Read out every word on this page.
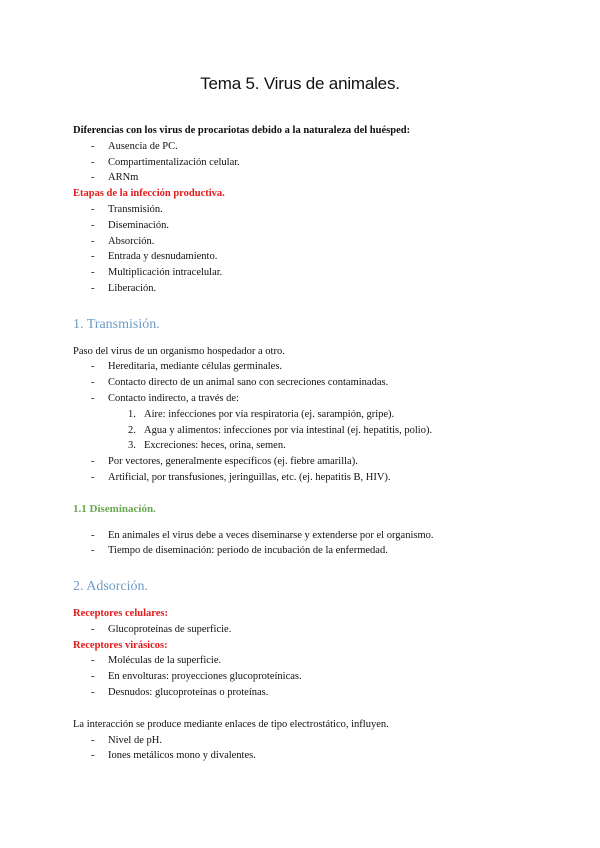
Tema 5. Virus de animales.
Diferencias con los virus de procariotas debido a la naturaleza del huésped:
- Ausencia de PC.
- Compartimentalización celular.
- ARNm
Etapas de la infección productiva.
- Transmisión.
- Diseminación.
- Absorción.
- Entrada y desnudamiento.
- Multiplicación intracelular.
- Liberación.
1. Transmisión.
Paso del virus de un organismo hospedador a otro.
- Hereditaria, mediante células germinales.
- Contacto directo de un animal sano con secreciones contaminadas.
- Contacto indirecto, a través de:
1. Aire: infecciones por vía respiratoria (ej. sarampión, gripe).
2. Agua y alimentos: infecciones por vía intestinal (ej. hepatitis, polio).
3. Excreciones: heces, orina, semen.
- Por vectores, generalmente específicos (ej. fiebre amarilla).
- Artificial, por transfusiones, jeringuillas, etc. (ej. hepatitis B, HIV).
1.1 Diseminación.
- En animales el virus debe a veces diseminarse y extenderse por el organismo.
- Tiempo de diseminación: periodo de incubación de la enfermedad.
2. Adsorción.
Receptores celulares:
- Glucoproteínas de superficie.
Receptores virásicos:
- Moléculas de la superficie.
- En envolturas: proyecciones glucoproteínicas.
- Desnudos: glucoproteínas o proteínas.
La interacción se produce mediante enlaces de tipo electrostático, influyen.
- Nivel de pH.
- Iones metálicos mono y divalentes.
